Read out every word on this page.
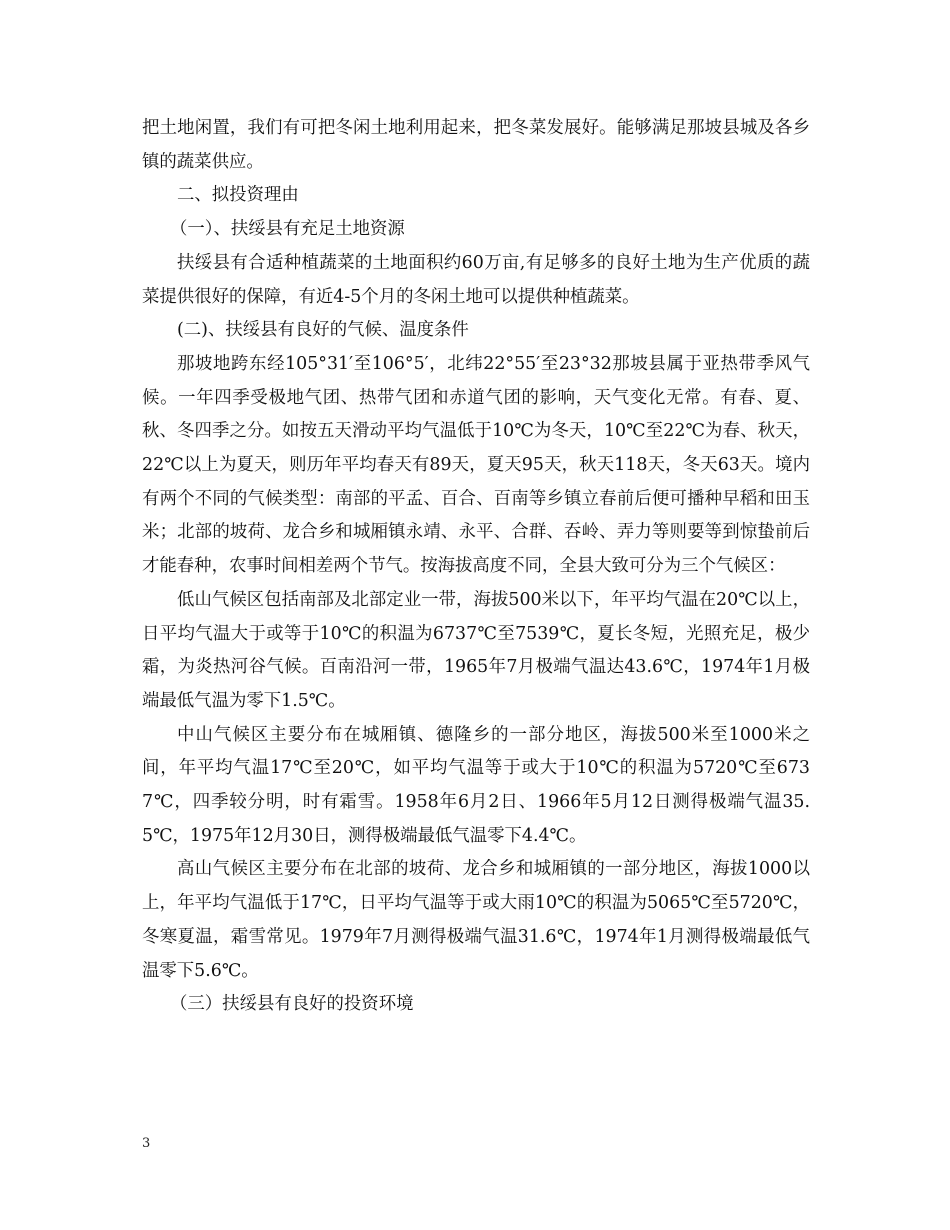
把土地闲置，我们有可把冬闲土地利用起来，把冬菜发展好。能够满足那坡县城及各乡镇的蔬菜供应。

二、拟投资理由

（一）、扶绥县有充足土地资源

扶绥县有合适种植蔬菜的土地面积约60万亩,有足够多的良好土地为生产优质的蔬菜提供很好的保障，有近4-5个月的冬闲土地可以提供种植蔬菜。

(二)、扶绥县有良好的气候、温度条件

那坡地跨东经105°31′至106°5′，北纬22°55′至23°32那坡县属于亚热带季风气候。一年四季受极地气团、热带气团和赤道气团的影响，天气变化无常。有春、夏、秋、冬四季之分。如按五天滑动平均气温低于10℃为冬天，10℃至22℃为春、秋天，22℃以上为夏天，则历年平均春天有89天，夏天95天，秋天118天，冬天63天。境内有两个不同的气候类型：南部的平孟、百合、百南等乡镇立春前后便可播种早稻和田玉米；北部的坡荷、龙合乡和城厢镇永靖、永平、合群、吞岭、弄力等则要等到惊蛰前后才能春种，农事时间相差两个节气。按海拔高度不同，全县大致可分为三个气候区：

低山气候区包括南部及北部定业一带，海拔500米以下，年平均气温在20℃以上，日平均气温大于或等于10℃的积温为6737℃至7539℃，夏长冬短，光照充足，极少霜，为炎热河谷气候。百南沿河一带，1965年7月极端气温达43.6℃，1974年1月极端最低气温为零下1.5℃。

中山气候区主要分布在城厢镇、德隆乡的一部分地区，海拔500米至1000米之间，年平均气温17℃至20℃，如平均气温等于或大于10℃的积温为5720℃至6737℃，四季较分明，时有霜雪。1958年6月2日、1966年5月12日测得极端气温35.5℃，1975年12月30日，测得极端最低气温零下4.4℃。

高山气候区主要分布在北部的坡荷、龙合乡和城厢镇的一部分地区，海拔1000以上，年平均气温低于17℃，日平均气温等于或大雨10℃的积温为5065℃至5720℃，冬寒夏温，霜雪常见。1979年7月测得极端气温31.6℃，1974年1月测得极端最低气温零下5.6℃。

（三）扶绥县有良好的投资环境

3
